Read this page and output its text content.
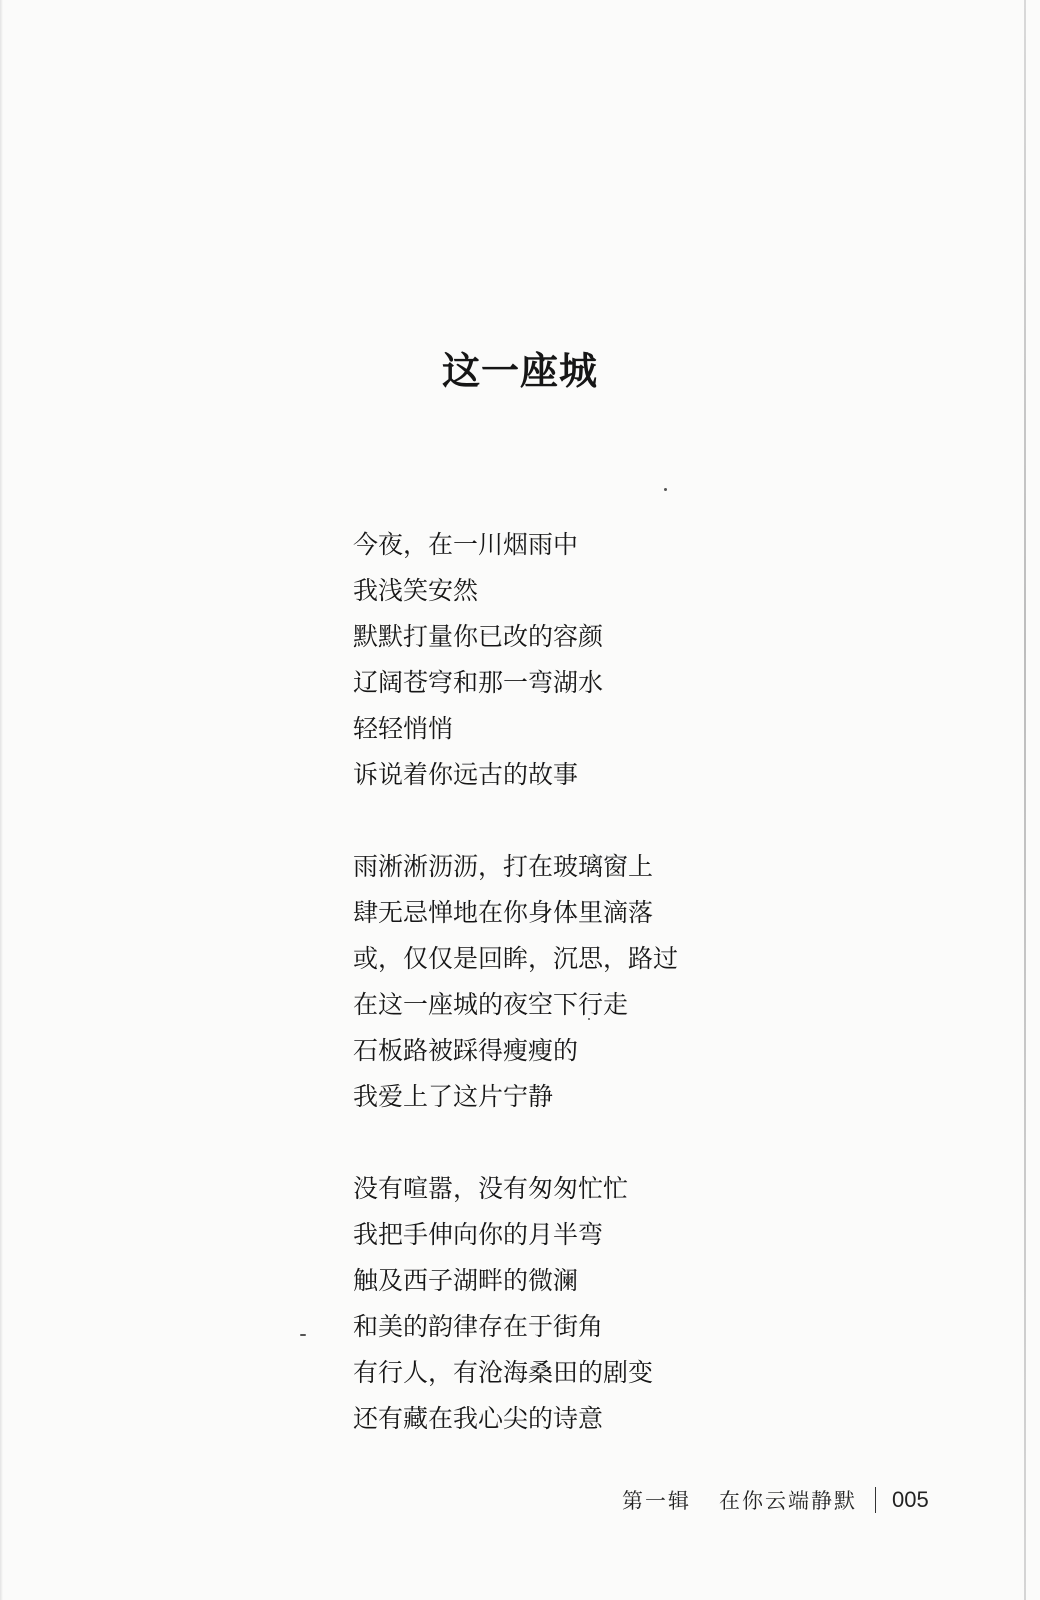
这一座城
今夜，在一川烟雨中
我浅笑安然
默默打量你已改的容颜
辽阔苍穹和那一弯湖水
轻轻悄悄
诉说着你远古的故事
雨淅淅沥沥，打在玻璃窗上
肆无忌惮地在你身体里滴落
或，仅仅是回眸，沉思，路过
在这一座城的夜空下行走
石板路被踩得瘦瘦的
我爱上了这片宁静
没有喧嚣，没有匆匆忙忙
我把手伸向你的月半弯
触及西子湖畔的微澜
和美的韵律存在于街角
有行人，有沧海桑田的剧变
还有藏在我心尖的诗意
第一辑 在你云端静默 005
